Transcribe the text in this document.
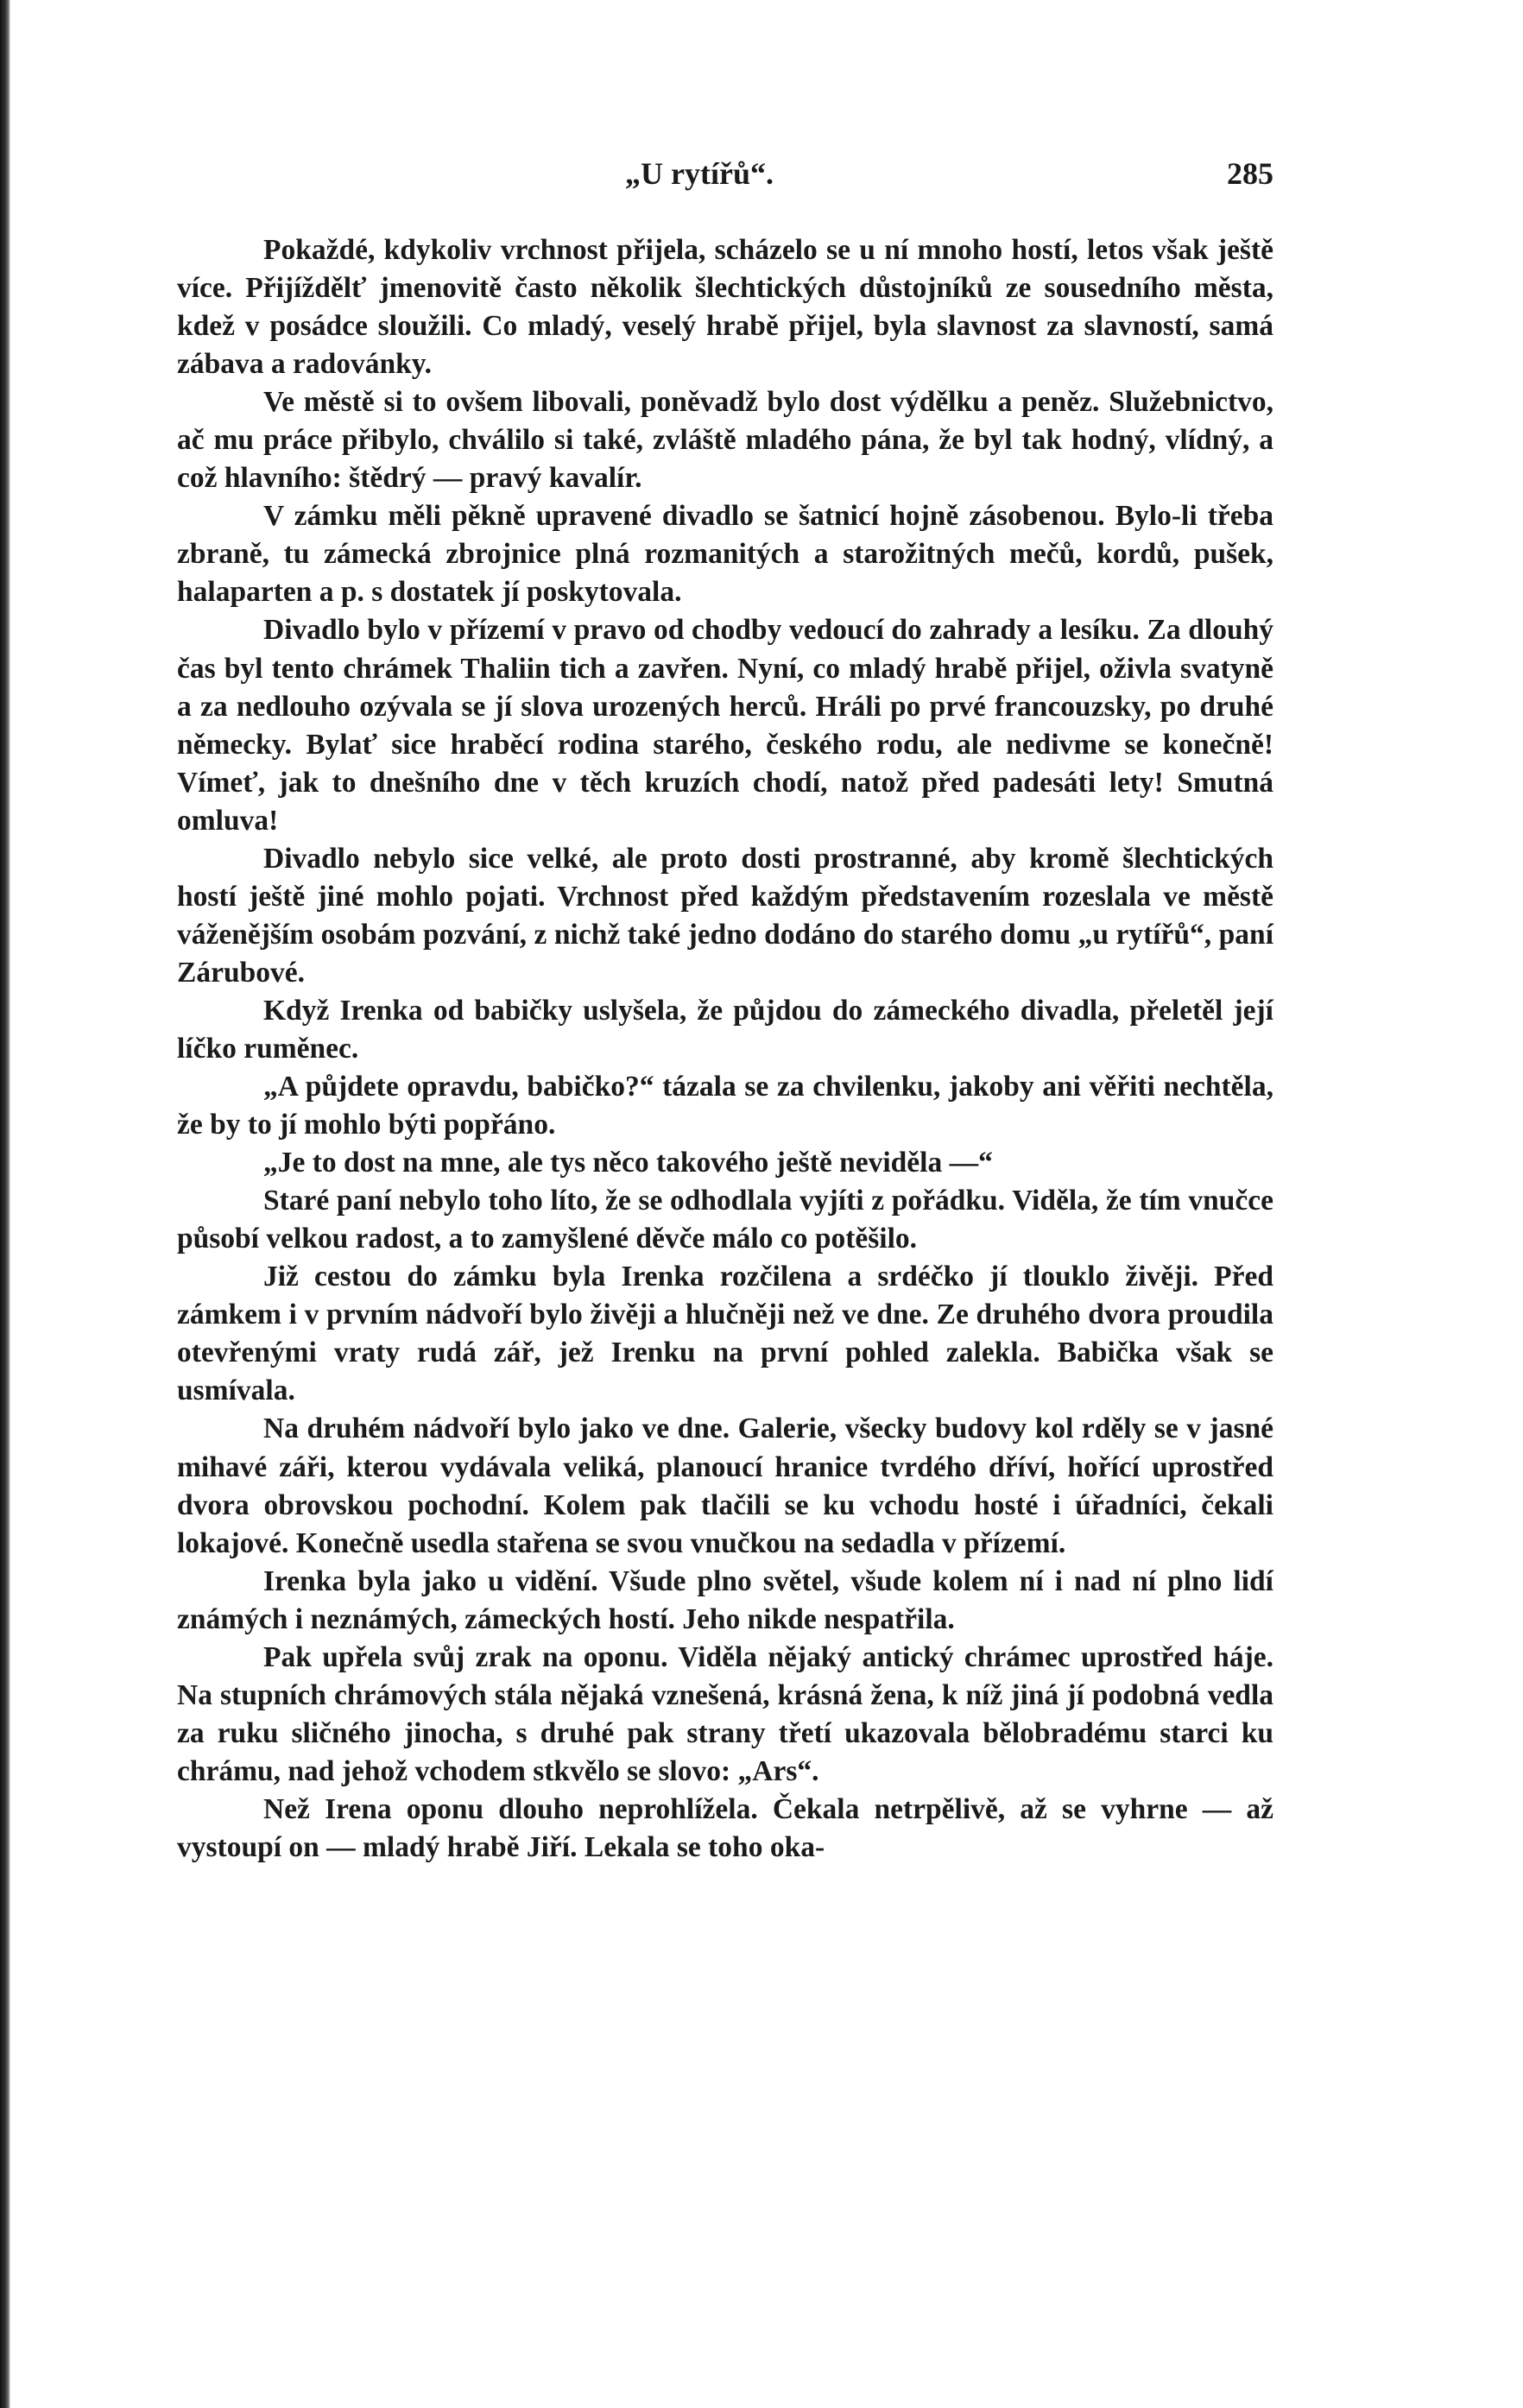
„U rytířů“.	285

Pokaždé, kdykoliv vrchnost přijela, scházelo se u ní mnoho hostí, letos však ještě více. Přijíždělť jmenovitě často několik šlechtických důstojníků ze sousedního města, kdež v posádce sloužili. Co mladý, veselý hrabě přijel, byla slavnost za slavností, samá zábava a radovánky.

Ve městě si to ovšem libovali, poněvadž bylo dost výdělku a peněz. Služebnictvo, ač mu práce přibylo, chválilo si také, zvláště mladého pána, že byl tak hodný, vlídný, a což hlavního: štědrý — pravý kavalír.

V zámku měli pěkně upravené divadlo se šatnicí hojně zásobenou. Bylo-li třeba zbraně, tu zámecká zbrojnice plná rozmanitých a starožitných mečů, kordů, pušek, halaparten a p. s dostatek jí poskytovala.

Divadlo bylo v přízemí v pravo od chodby vedoucí do zahrady a lesíku. Za dlouhý čas byl tento chrámek Thaliin tich a zavřen. Nyní, co mladý hrabě přijel, oživla svatyně a za nedlouho ozývala se jí slova urozených herců. Hráli po prvé francouzsky, po druhé německy. Bylať sice hraběcí rodina starého, českého rodu, ale nedivme se konečně! Vímeť, jak to dnešního dne v těch kruzích chodí, natož před padesáti lety! Smutná omluva!

Divadlo nebylo sice velké, ale proto dosti prostranné, aby kromě šlechtických hostí ještě jiné mohlo pojati. Vrchnost před každým představením rozeslala ve městě váženějším osobám pozvání, z nichž také jedno dodáno do starého domu „u rytířů“, paní Zárubové.

Když Irenka od babičky uslyšela, že půjdou do zámeckého divadla, přeletěl její líčko ruměnec.

„A půjdete opravdu, babičko?“ tázala se za chvilenku, jakoby ani věřiti nechtěla, že by to jí mohlo býti popřáno.

„Je to dost na mne, ale tys něco takového ještě neviděla —“

Staré paní nebylo toho líto, že se odhodlala vyjíti z pořádku. Viděla, že tím vnučce působí velkou radost, a to zamyšlené děvče málo co potěšilo.

Již cestou do zámku byla Irenka rozčilena a srdéčko jí tlouklo živěji. Před zámkem i v prvním nádvoří bylo živěji a hlučněji než ve dne. Ze druhého dvora proudila otevřenými vraty rudá zář, jež Irenku na první pohled zalekla. Babička však se usmívala.

Na druhém nádvoří bylo jako ve dne. Galerie, všecky budovy kol rděly se v jasné mihavé záři, kterou vydávala veliká, planoucí hranice tvrdého dříví, hořící uprostřed dvora obrovskou pochodní. Kolem pak tlačili se ku vchodu hosté i úřadníci, čekali lokajové. Konečně usedla stařena se svou vnučkou na sedadla v přízemí.

Irenka byla jako u vidění. Všude plno světel, všude kolem ní i nad ní plno lidí známých i neznámých, zámeckých hostí. Jeho nikde nespatřila.

Pak upřela svůj zrak na oponu. Viděla nějaký antický chrámec uprostřed háje. Na stupních chrámových stála nějaká vznešená, krásná žena, k níž jiná jí podobná vedla za ruku sličného jinocha, s druhé pak strany třetí ukazovala bělobradému starci ku chrámu, nad jehož vchodem stkvělo se slovo: „Ars“.

Než Irena oponu dlouho neprohlížela. Čekala netrpělivě, až se vyhrne — až vystoupí on — mladý hrabě Jiří. Lekala se toho oka-
